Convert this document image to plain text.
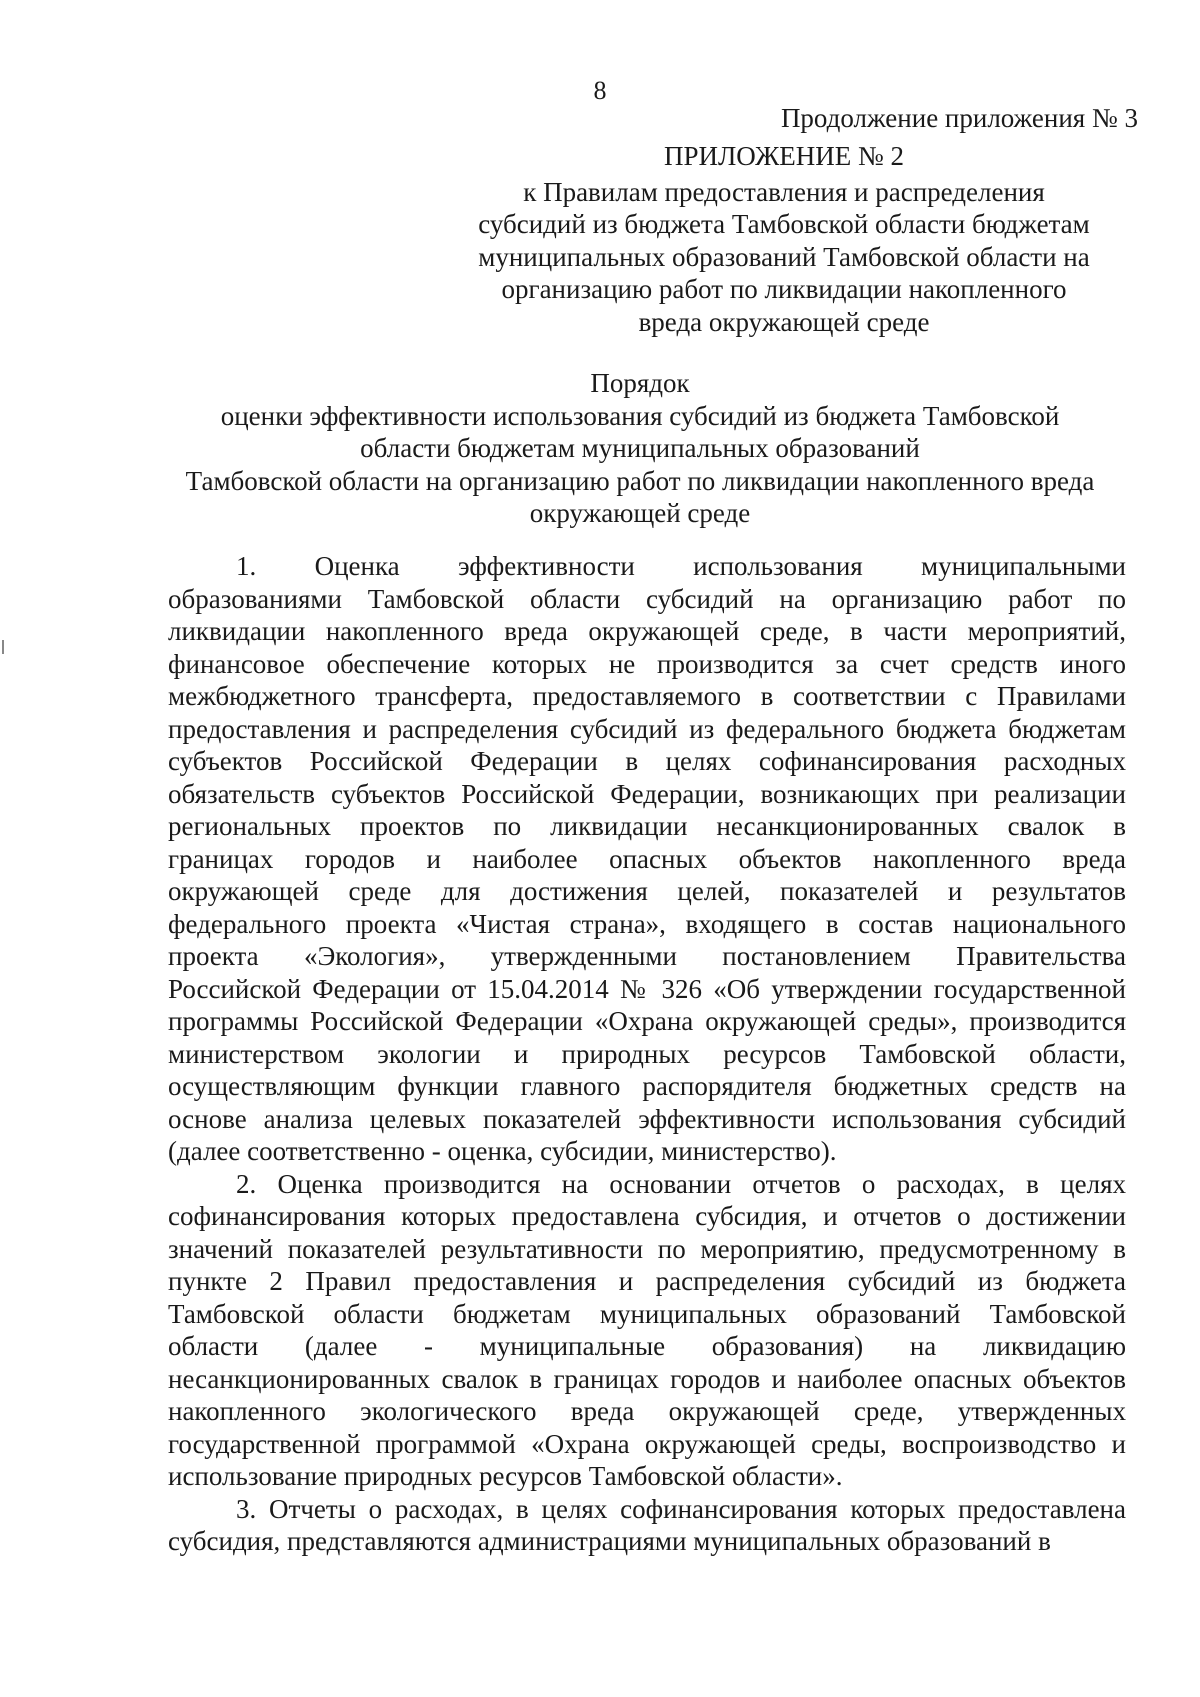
8
Продолжение приложения № 3
ПРИЛОЖЕНИЕ № 2
к Правилам предоставления и распределения
субсидий из бюджета Тамбовской области бюджетам
муниципальных образований Тамбовской области на
организацию работ по ликвидации накопленного
вреда окружающей среде
Порядок
оценки эффективности использования субсидий из бюджета Тамбовской
области бюджетам муниципальных образований
Тамбовской области на организацию работ по ликвидации накопленного вреда
окружающей среде
1. Оценка эффективности использования муниципальными
образованиями Тамбовской области субсидий на организацию работ по
ликвидации накопленного вреда окружающей среде, в части мероприятий,
финансовое обеспечение которых не производится за счет средств иного
межбюджетного трансферта, предоставляемого в соответствии с Правилами
предоставления и распределения субсидий из федерального бюджета бюджетам
субъектов Российской Федерации в целях софинансирования расходных
обязательств субъектов Российской Федерации, возникающих при реализации
региональных проектов по ликвидации несанкционированных свалок в
границах городов и наиболее опасных объектов накопленного вреда
окружающей среде для достижения целей, показателей и результатов
федерального проекта «Чистая страна», входящего в состав национального
проекта «Экология», утвержденными постановлением Правительства
Российской Федерации от 15.04.2014 № 326 «Об утверждении государственной
программы Российской Федерации «Охрана окружающей среды», производится
министерством экологии и природных ресурсов Тамбовской области,
осуществляющим функции главного распорядителя бюджетных средств на
основе анализа целевых показателей эффективности использования субсидий
(далее соответственно - оценка, субсидии, министерство).
2. Оценка производится на основании отчетов о расходах, в целях
софинансирования которых предоставлена субсидия, и отчетов о достижении
значений показателей результативности по мероприятию, предусмотренному в
пункте 2 Правил предоставления и распределения субсидий из бюджета
Тамбовской области бюджетам муниципальных образований Тамбовской
области (далее - муниципальные образования) на ликвидацию
несанкционированных свалок в границах городов и наиболее опасных объектов
накопленного экологического вреда окружающей среде, утвержденных
государственной программой «Охрана окружающей среды, воспроизводство и
использование природных ресурсов Тамбовской области».
3. Отчеты о расходах, в целях софинансирования которых предоставлена
субсидия, представляются администрациями муниципальных образований в
